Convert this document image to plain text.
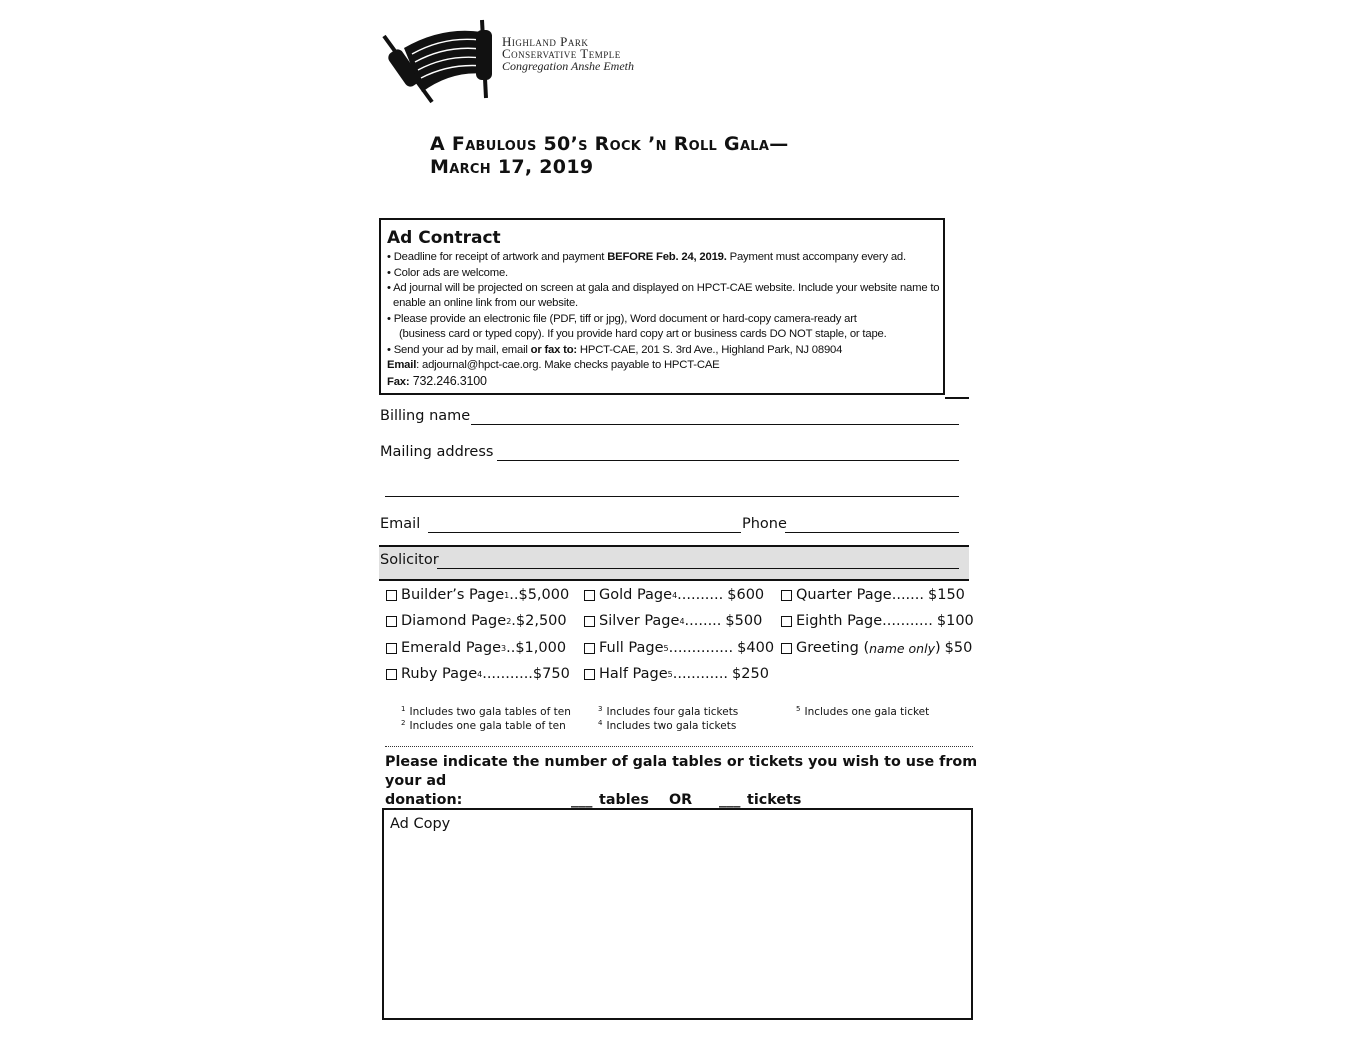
Highland Park
Conservative Temple
Congregation Anshe Emeth
A Fabulous 50’s Rock ’n Roll Gala—
March 17, 2019
Ad Contract
• Deadline for receipt of artwork and payment BEFORE Feb. 24, 2019. Payment must accompany every ad.
• Color ads are welcome.
• Ad journal will be projected on screen at gala and displayed on HPCT-CAE website. Include your website name to
enable an online link from our website.
• Please provide an electronic file (PDF, tiff or jpg), Word document or hard-copy camera-ready art
(business card or typed copy). If you provide hard copy art or business cards DO NOT staple, or tape.
• Send your ad by mail, email or fax to: HPCT-CAE, 201 S. 3rd Ave., Highland Park, NJ 08904
Email: adjournal@hpct-cae.org. Make checks payable to HPCT-CAE
Fax: 732.246.3100
Billing name
Mailing address
Email	Phone
Solicitor
Builder’s Page 1 .. $5,000
Diamond Page 2 . $2,500
Emerald Page 3 .. $1,000
Ruby Page 4 ........... $750
Gold Page 4 .......... $600
Silver Page 4 ........ $500
Full Page 5 .............. $400
Half Page 5 ............ $250
Quarter Page ....... $150
Eighth Page ........... $100
Greeting ( name only ) $50
$^1$ Includes two gala tables of ten
$^2$ Includes one gala table of ten
$^3$ Includes four gala tickets
$^4$ Includes two gala tickets
$^5$ Includes one gala ticket
Please indicate the number of gala tables or tickets you wish to use from your ad
donation:	___ tables OR ___ tickets
Ad Copy
